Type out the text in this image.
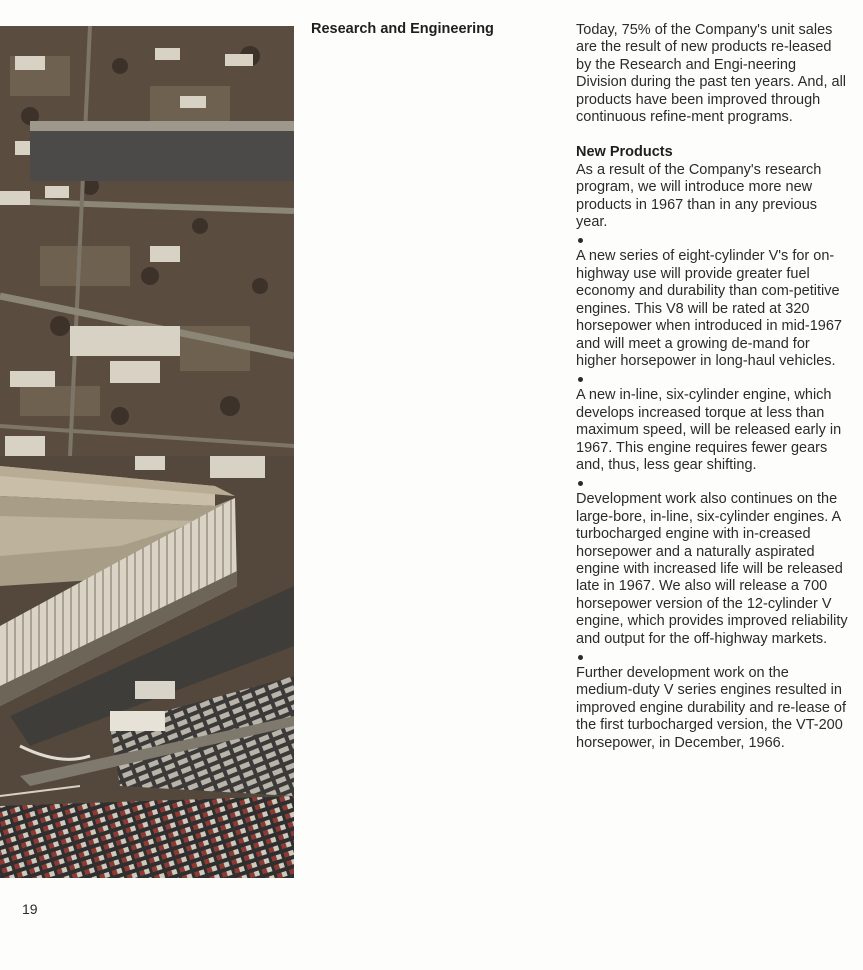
Research and Engineering	Today, 75% of the Company's unit sales are the result of new products re-leased by the Research and Engi-neering Division during the past ten years. And, all products have been improved through continuous refine-ment programs.

New Products

As a result of the Company's research program, we will introduce more new products in 1967 than in any previous year.

A new series of eight-cylinder V's for on-highway use will provide greater fuel economy and durability than com-petitive engines. This V8 will be rated at 320 horsepower when introduced in mid-1967 and will meet a growing de-mand for higher horsepower in long-haul vehicles.

A new in-line, six-cylinder engine, which develops increased torque at less than maximum speed, will be released early in 1967. This engine requires fewer gears and, thus, less gear shifting.

Development work also continues on the large-bore, in-line, six-cylinder engines. A turbocharged engine with in-creased horsepower and a naturally aspirated engine with increased life will be released late in 1967. We also will release a 700 horsepower version of the 12-cylinder V engine, which provides improved reliability and output for the off-highway markets.

Further development work on the medium-duty V series engines resulted in improved engine durability and re-lease of the first turbocharged version, the VT-200 horsepower, in December, 1966.

19
